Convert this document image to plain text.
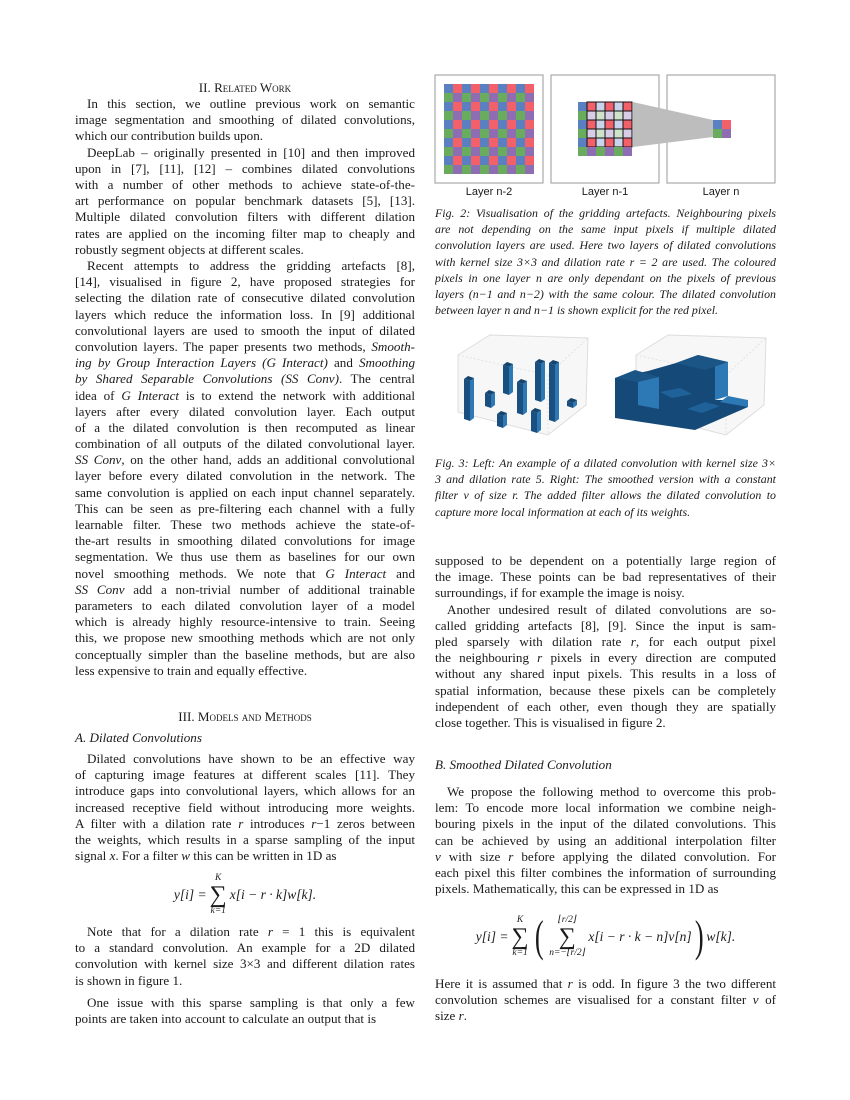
II. Related Work
In this section, we outline previous work on semantic
image segmentation and smoothing of dilated convolutions,
which our contribution builds upon.
DeepLab – originally presented in [10] and then improved
upon in [7], [11], [12] – combines dilated convolutions
with a number of other methods to achieve state-of-the-
art performance on popular benchmark datasets [5], [13].
Multiple dilated convolution filters with different dilation
rates are applied on the incoming filter map to cheaply and
robustly segment objects at different scales.
Recent attempts to address the gridding artefacts [8],
[14], visualised in figure 2, have proposed strategies for
selecting the dilation rate of consecutive dilated convolution
layers which reduce the information loss. In [9] additional
convolutional layers are used to smooth the input of dilated
convolution layers. The paper presents two methods, Smooth-
ing by Group Interaction Layers (G Interact) and Smoothing
by Shared Separable Convolutions (SS Conv). The central
idea of G Interact is to extend the network with additional
layers after every dilated convolution layer. Each output
of a the dilated convolution is then recomputed as linear
combination of all outputs of the dilated convolutional layer.
SS Conv, on the other hand, adds an additional convolutional
layer before every dilated convolution in the network. The
same convolution is applied on each input channel separately.
This can be seen as pre-filtering each channel with a fully
learnable filter. These two methods achieve the state-of-
the-art results in smoothing dilated convolutions for image
segmentation. We thus use them as baselines for our own
novel smoothing methods. We note that G Interact and
SS Conv add a non-trivial number of additional trainable
parameters to each dilated convolution layer of a model
which is already highly resource-intensive to train. Seeing
this, we propose new smoothing methods which are not only
conceptually simpler than the baseline methods, but are also
less expensive to train and equally effective.
III. Models and Methods
A. Dilated Convolutions
Dilated convolutions have shown to be an effective way
of capturing image features at different scales [11]. They
introduce gaps into convolutional layers, which allows for an
increased receptive field without introducing more weights.
A filter with a dilation rate r introduces r−1 zeros between
the weights, which results in a sparse sampling of the input
signal x. For a filter w this can be written in 1D as
y[i] =
K
∑
k=1
x[i − r · k]w[k].
Note that for a dilation rate r = 1 this is equivalent
to a standard convolution. An example for a 2D dilated
convolution with kernel size 3×3 and different dilation rates
is shown in figure 1.
One issue with this sparse sampling is that only a few
points are taken into account to calculate an output that is
Layer n-2	Layer n-1	Layer n
Fig. 2: Visualisation of the gridding artefacts. Neighbouring pixels
are not depending on the same input pixels if multiple dilated
convolution layers are used. Here two layers of dilated convolutions
with kernel size 3×3 and dilation rate r = 2 are used. The coloured
pixels in one layer n are only dependant on the pixels of previous
layers (n−1 and n−2) with the same colour. The dilated convolution
between layer n and n−1 is shown explicit for the red pixel.
Fig. 3: Left: An example of a dilated convolution with kernel size 3×
3 and dilation rate 5. Right: The smoothed version with a constant
filter v of size r. The added filter allows the dilated convolution to
capture more local information at each of its weights.
supposed to be dependent on a potentially large region of
the image. These points can be bad representatives of their
surroundings, if for example the image is noisy.
Another undesired result of dilated convolutions are so-
called gridding artefacts [8], [9]. Since the input is sam-
pled sparsely with dilation rate r, for each output pixel
the neighbouring r pixels in every direction are computed
without any shared input pixels. This results in a loss of
spatial information, because these pixels can be completely
independent of each other, even though they are spatially
close together. This is visualised in figure 2.
B. Smoothed Dilated Convolution
We propose the following method to overcome this prob-
lem: To encode more local information we combine neigh-
bouring pixels in the input of the dilated convolutions. This
can be achieved by using an additional interpolation filter
v with size r before applying the dilated convolution. For
each pixel this filter combines the information of surrounding
pixels. Mathematically, this can be expressed in 1D as
y[i] =
K
∑
k=1 ( ⌊r/2⌋
∑
n=−⌊r/2⌋
x[i − r · k − n]v[n] ) w[k].
Here it is assumed that r is odd. In figure 3 the two different
convolution schemes are visualised for a constant filter v of
size r.
